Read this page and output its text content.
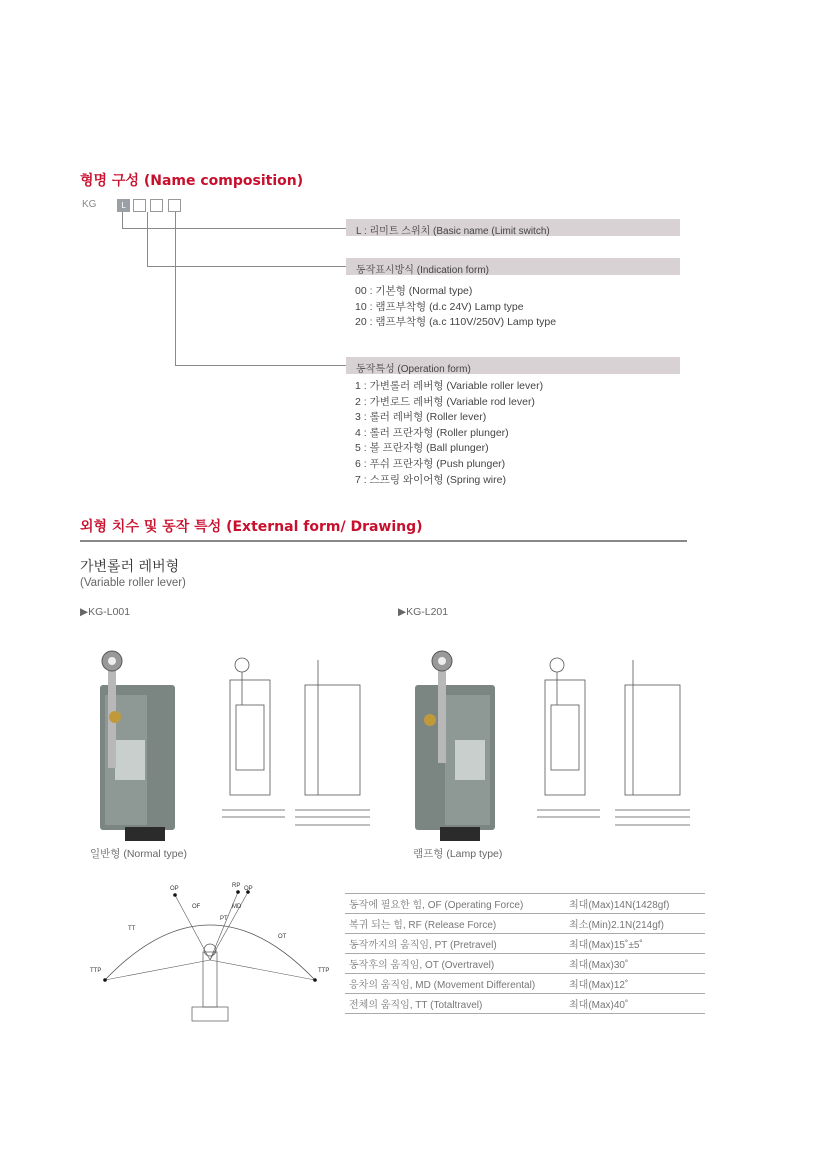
형명 구성 (Name composition)
KG	L
L : 리미트 스위치 (Basic name (Limit switch)
동작표시방식 (Indication form)
00 : 기본형 (Normal type)
10 : 램프부착형 (d.c 24V) Lamp type
20 : 램프부착형 (a.c 110V/250V) Lamp type
동작특성 (Operation form)
1 : 가변롤러 레버형 (Variable roller lever)
2 : 가변로드 레버형 (Variable rod lever)
3 : 롤러 레버형 (Roller lever)
4 : 롤러 프란자형 (Roller plunger)
5 : 볼 프란자형 (Ball plunger)
6 : 푸쉬 프란자형 (Push plunger)
7 : 스프링 와이어형 (Spring wire)
외형 치수 및 동작 특성 (External form/ Drawing)
가변롤러 레버형
(Variable roller lever)
▶KG-L001	▶KG-L201
일반형 (Normal type)	램프형 (Lamp type)
OP	RP OP
OF	MD
PT
TT
OT
TTP	TTP
동작에 필요한 힘, OF (Operating Force)	최대(Max)14N(1428gf)
복귀 되는 힘, RF (Release Force)	최소(Min)2.1N(214gf)
동작까지의 움직임, PT (Pretravel)	최대(Max)15˚±5˚
동작후의 움직임, OT (Overtravel)	최대(Max)30˚
응차의 움직임, MD (Movement Differental)	최대(Max)12˚
전체의 움직임, TT (Totaltravel)	최대(Max)40˚
